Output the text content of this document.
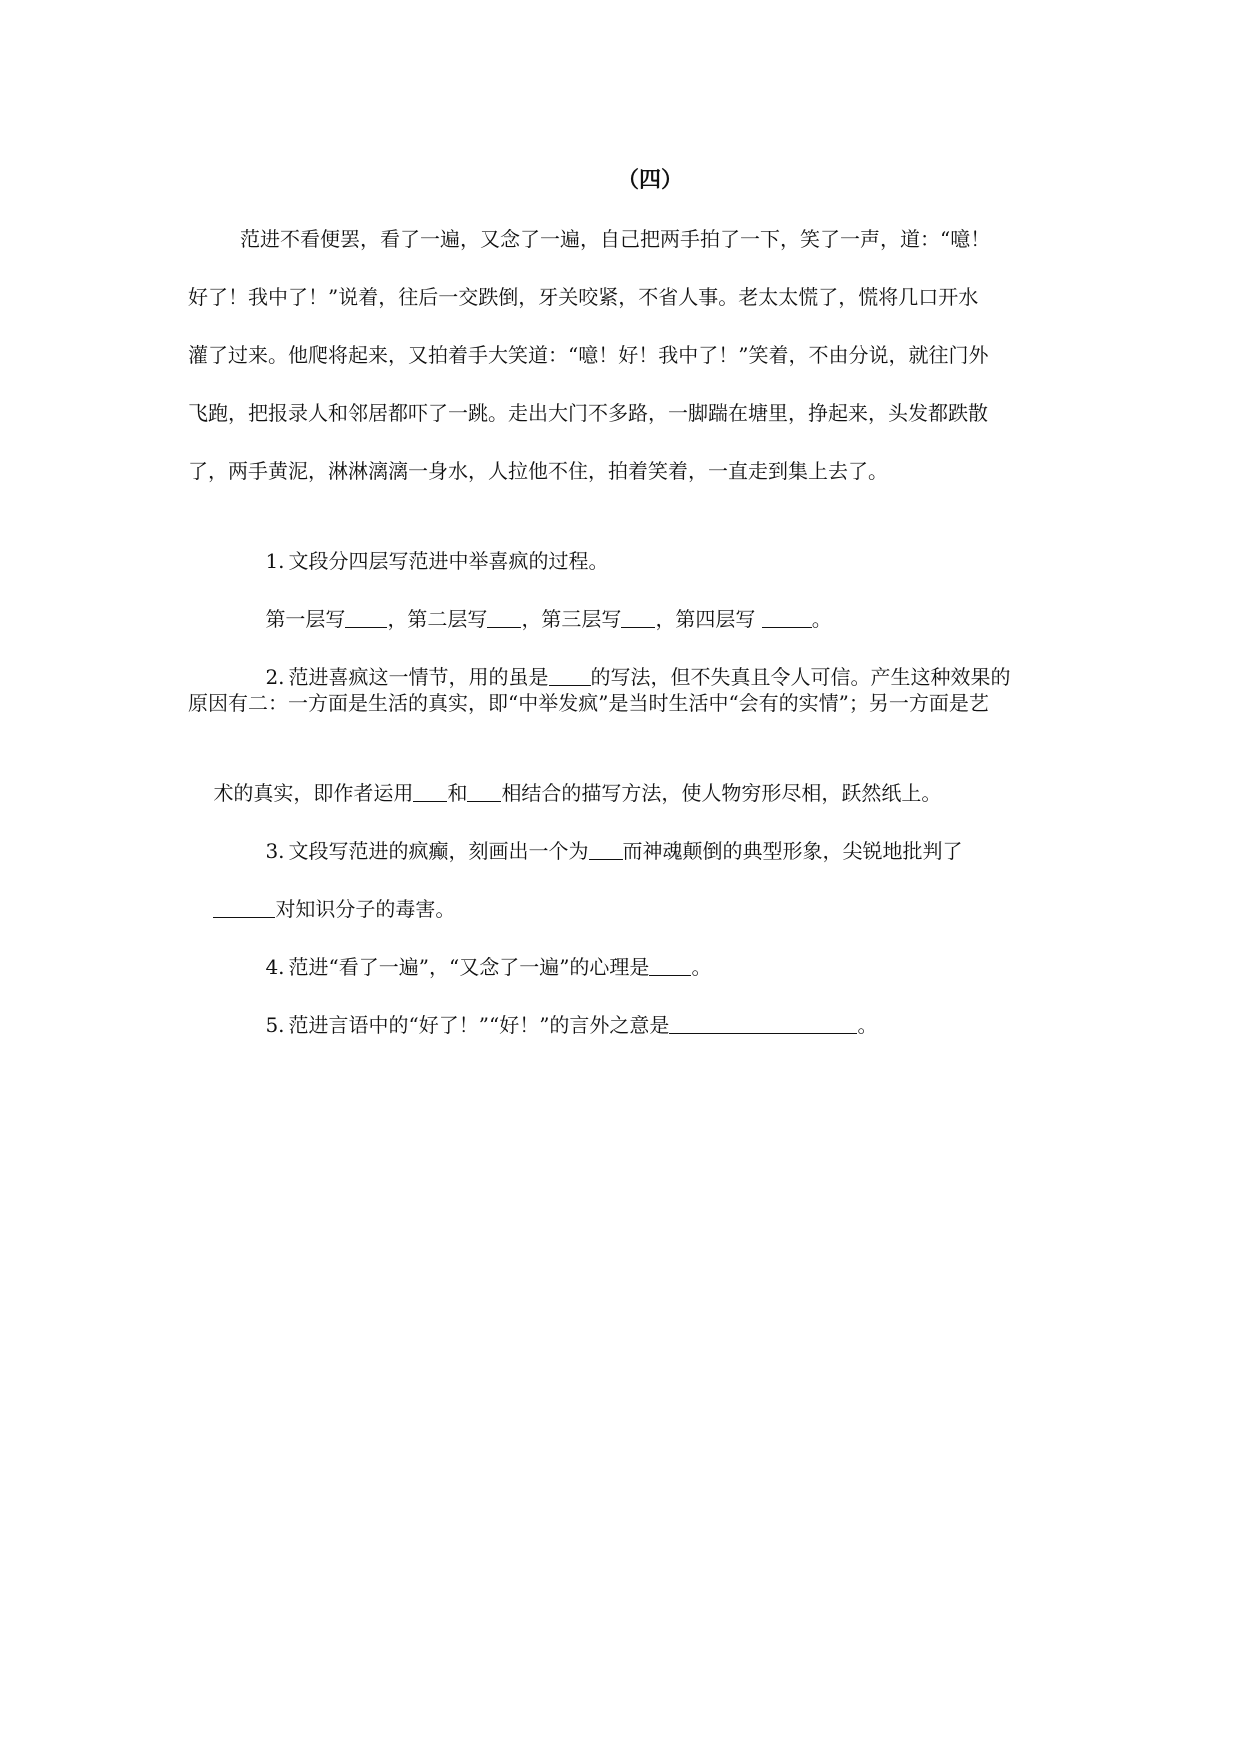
（四）
范进不看便罢，看了一遍，又念了一遍，自己把两手拍了一下，笑了一声，道：“噫！
好了！我中了！”说着，往后一交跌倒，牙关咬紧，不省人事。老太太慌了，慌将几口开水
灌了过来。他爬将起来，又拍着手大笑道：“噫！好！我中了！”笑着，不由分说，就往门外
飞跑，把报录人和邻居都吓了一跳。走出大门不多路，一脚踹在塘里，挣起来，头发都跌散
了，两手黄泥，淋淋漓漓一身水，人拉他不住，拍着笑着，一直走到集上去了。

1. 文段分四层写范进中举喜疯的过程。

第一层写 ，第二层写 ，第三层写 ，第四层写	。

2. 范进喜疯这一情节，用的虽是 的写法，但不失真且令人可信。产生这种效果的

原因有二：一方面是生活的真实，即“中举发疯”是当时生活中“会有的实情”；另一方面是艺

术的真实，即作者运用 和 相结合的描写方法，使人物穷形尽相，跃然纸上。

3. 文段写范进的疯癫，刻画出一个为 而神魂颠倒的典型形象，尖锐地批判了

对知识分子的毒害。

4. 范进“看了一遍”，“又念了一遍”的心理是 。

5. 范进言语中的“好了！”“好！”的言外之意是	。
